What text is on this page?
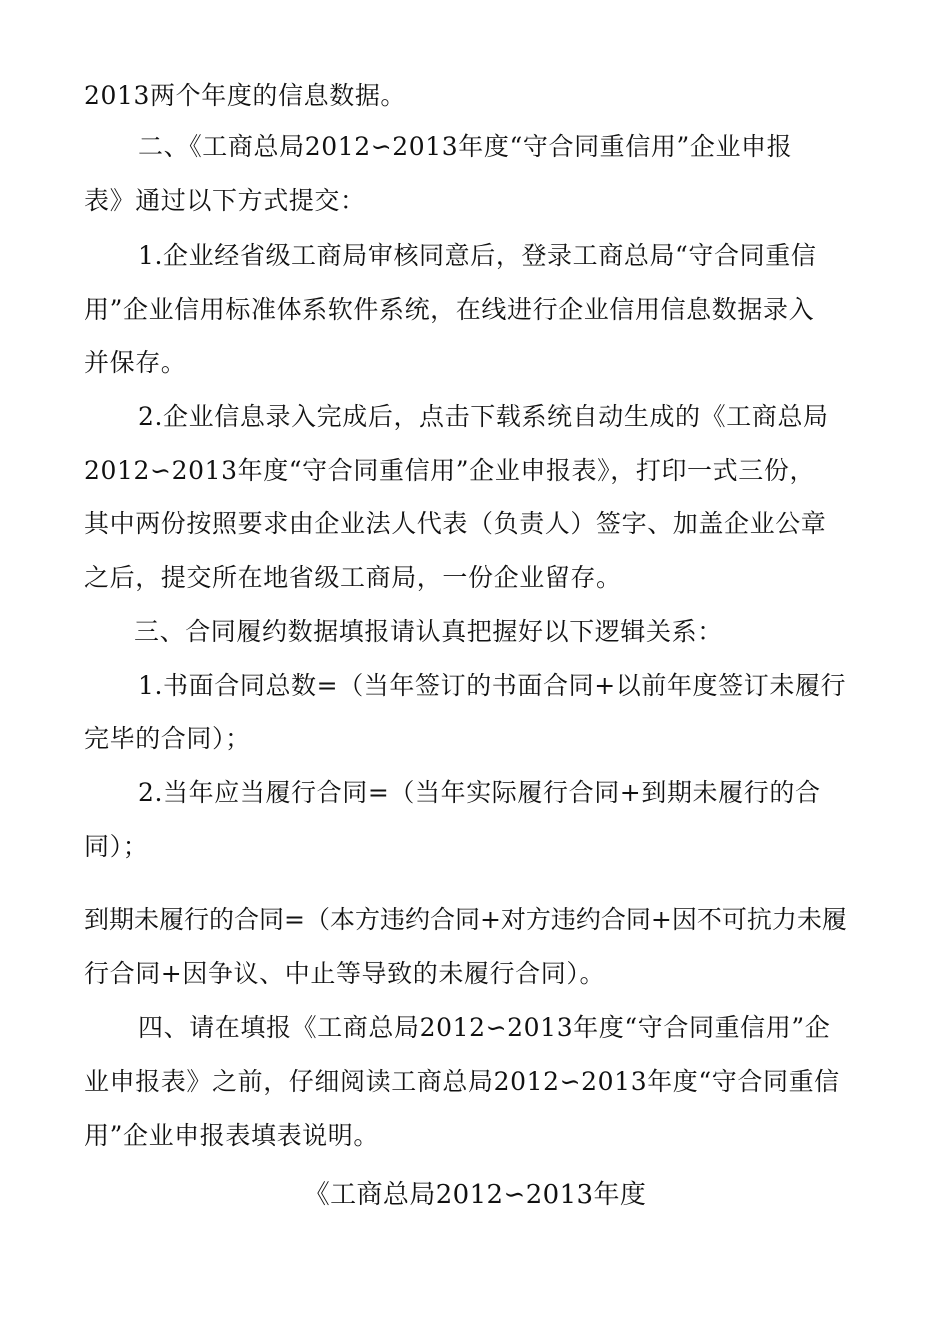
2013两个年度的信息数据。
二、《工商总局2012∽2013年度“守合同重信用”企业申报
表》通过以下方式提交：
1.企业经省级工商局审核同意后，登录工商总局“守合同重信
用”企业信用标准体系软件系统，在线进行企业信用信息数据录入
并保存。
2.企业信息录入完成后，点击下载系统自动生成的《工商总局
2012∽2013年度“守合同重信用”企业申报表》，打印一式三份，
其中两份按照要求由企业法人代表（负责人）签字、加盖企业公章
之后，提交所在地省级工商局，一份企业留存。
三、合同履约数据填报请认真把握好以下逻辑关系：
1.书面合同总数=（当年签订的书面合同+以前年度签订未履行
完毕的合同）；
2.当年应当履行合同=（当年实际履行合同+到期未履行的合
同）；
到期未履行的合同=（本方违约合同+对方违约合同+因不可抗力未履
行合同+因争议、中止等导致的未履行合同）。
四、请在填报《工商总局2012∽2013年度“守合同重信用”企
业申报表》之前，仔细阅读工商总局2012∽2013年度“守合同重信
用”企业申报表填表说明。
《工商总局2012∽2013年度
